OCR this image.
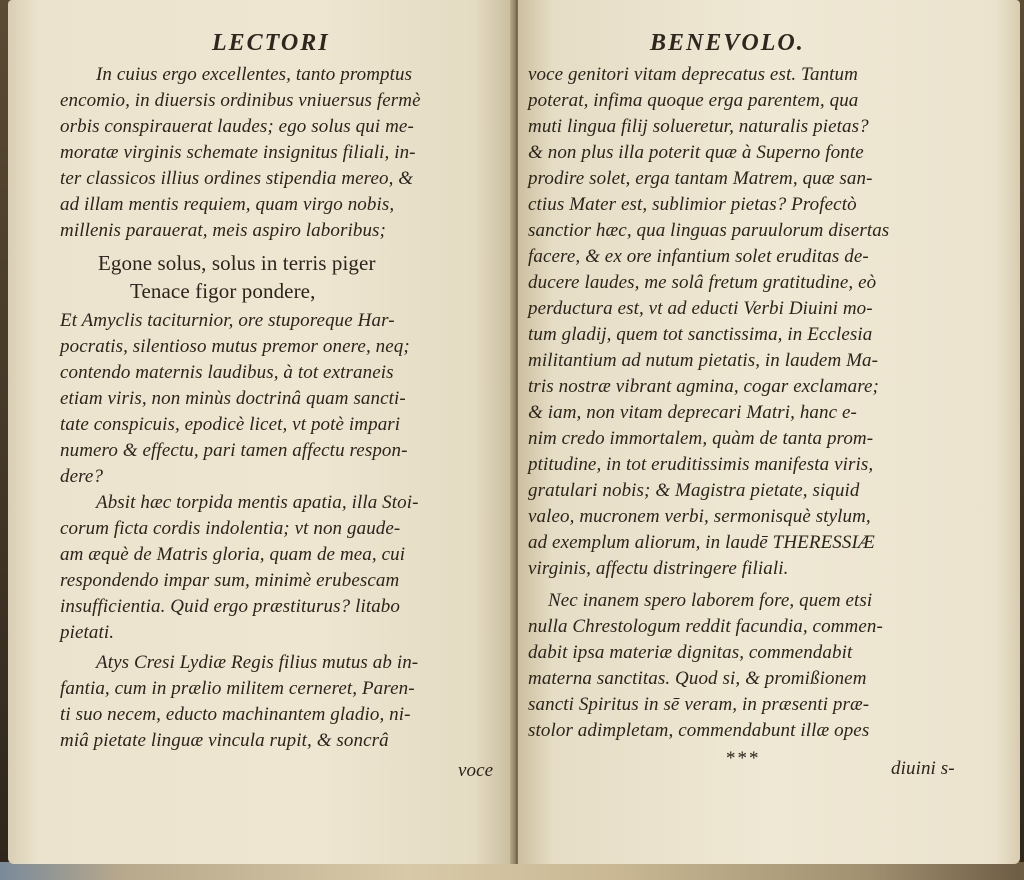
LECTORI

In cuius ergo excellentes, tanto promptus

encomio, in diuersis ordinibus vniuersus fermè

orbis conspirauerat laudes; ego solus qui me-

moratæ virginis schemate insignitus filiali, in-

ter classicos illius ordines stipendia mereo, &

ad illam mentis requiem, quam virgo nobis,

millenis parauerat, meis aspiro laboribus;

Egone solus, solus in terris piger

Tenace figor pondere,

Et Amyclis taciturnior, ore stuporeque Har-

pocratis, silentioso mutus premor onere, neq;

contendo maternis laudibus, à tot extraneis

etiam viris, non minùs doctrinâ quam sancti-

tate conspicuis, epodicè licet, vt potè impari

numero & effectu, pari tamen affectu respon-

dere?

Absit hæc torpida mentis apatia, illa Stoi-

corum ficta cordis indolentia; vt non gaude-

am æquè de Matris gloria, quam de mea, cui

respondendo impar sum, minimè erubescam

insufficientia. Quid ergo præstiturus? litabo

pietati.

Atys Cresi Lydiæ Regis filius mutus ab in-

fantia, cum in prælio militem cerneret, Paren-

ti suo necem, educto machinantem gladio, ni-

miâ pietate linguæ vincula rupit, & soncrâ

voce

BENEVOLO.

voce genitori vitam deprecatus est. Tantum

poterat, infima quoque erga parentem, qua

muti lingua filij solueretur, naturalis pietas?

& non plus illa poterit quæ à Superno fonte

prodire solet, erga tantam Matrem, quæ san-

ctius Mater est, sublimior pietas? Profectò

sanctior hæc, qua linguas paruulorum disertas

facere, & ex ore infantium solet eruditas de-

ducere laudes, me solâ fretum gratitudine, eò

perducturа est, vt ad educti Verbi Diuini mo-

tum gladij, quem tot sanctissima, in Ecclesia

militantium ad nutum pietatis, in laudem Ma-

tris nostræ vibrant agmina, cogar exclamare;

& iam, non vitam deprecari Matri, hanc e-

nim credo immortalem, quàm de tanta prom-

ptitudine, in tot eruditissimis manifesta viris,

gratulari nobis; & Magistra pietate, siquid

valeo, mucronem verbi, sermonisquè stylum,

ad exemplum aliorum, in laudē THERESSIÆ

virginis, affectu distringere filiali.

Nec inanem spero laborem fore, quem etsi

nulla Chrestologum reddit facundia, commen-

dabit ipsa materiæ dignitas, commendabit

materna sanctitas. Quod si, & promißionem

sancti Spiritus in sē veram, in præsenti præ-

stolor adimpletam, commendabunt illæ opes

***	diuini s-
